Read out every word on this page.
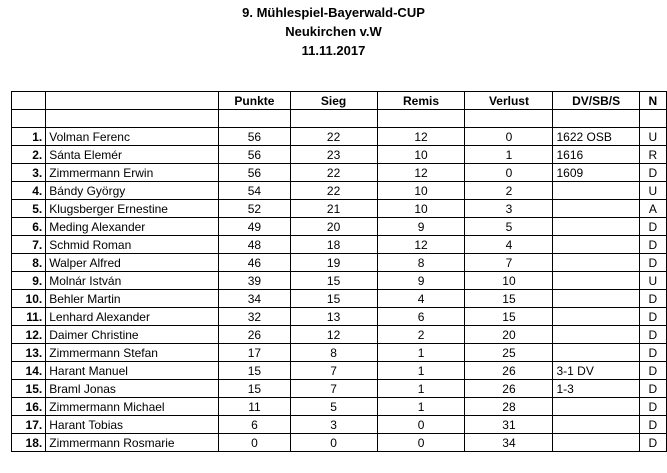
9. Mühlespiel-Bayerwald-CUP
Neukirchen v.W
11.11.2017
		Punkte	Sieg	Remis	Verlust	DV/SB/S	N

1.	Volman Ferenc	56	22	12	0	1622 OSB	U
2.	Sánta Elemér	56	23	10	1	1616	R
3.	Zimmermann Erwin	56	22	12	0	1609	D
4.	Bándy György	54	22	10	2		U
5.	Klugsberger Ernestine	52	21	10	3		A
6.	Meding Alexander	49	20	9	5		D
7.	Schmid Roman	48	18	12	4		D
8.	Walper Alfred	46	19	8	7		D
9.	Molnár István	39	15	9	10		U
10.	Behler Martin	34	15	4	15		D
11.	Lenhard Alexander	32	13	6	15		D
12.	Daimer Christine	26	12	2	20		D
13.	Zimmermann Stefan	17	8	1	25		D
14.	Harant Manuel	15	7	1	26	3-1 DV	D
15.	Braml Jonas	15	7	1	26	1-3	D
16.	Zimmermann Michael	11	5	1	28		D
17.	Harant Tobias	6	3	0	31		D
18.	Zimmermann Rosmarie	0	0	0	34		D
